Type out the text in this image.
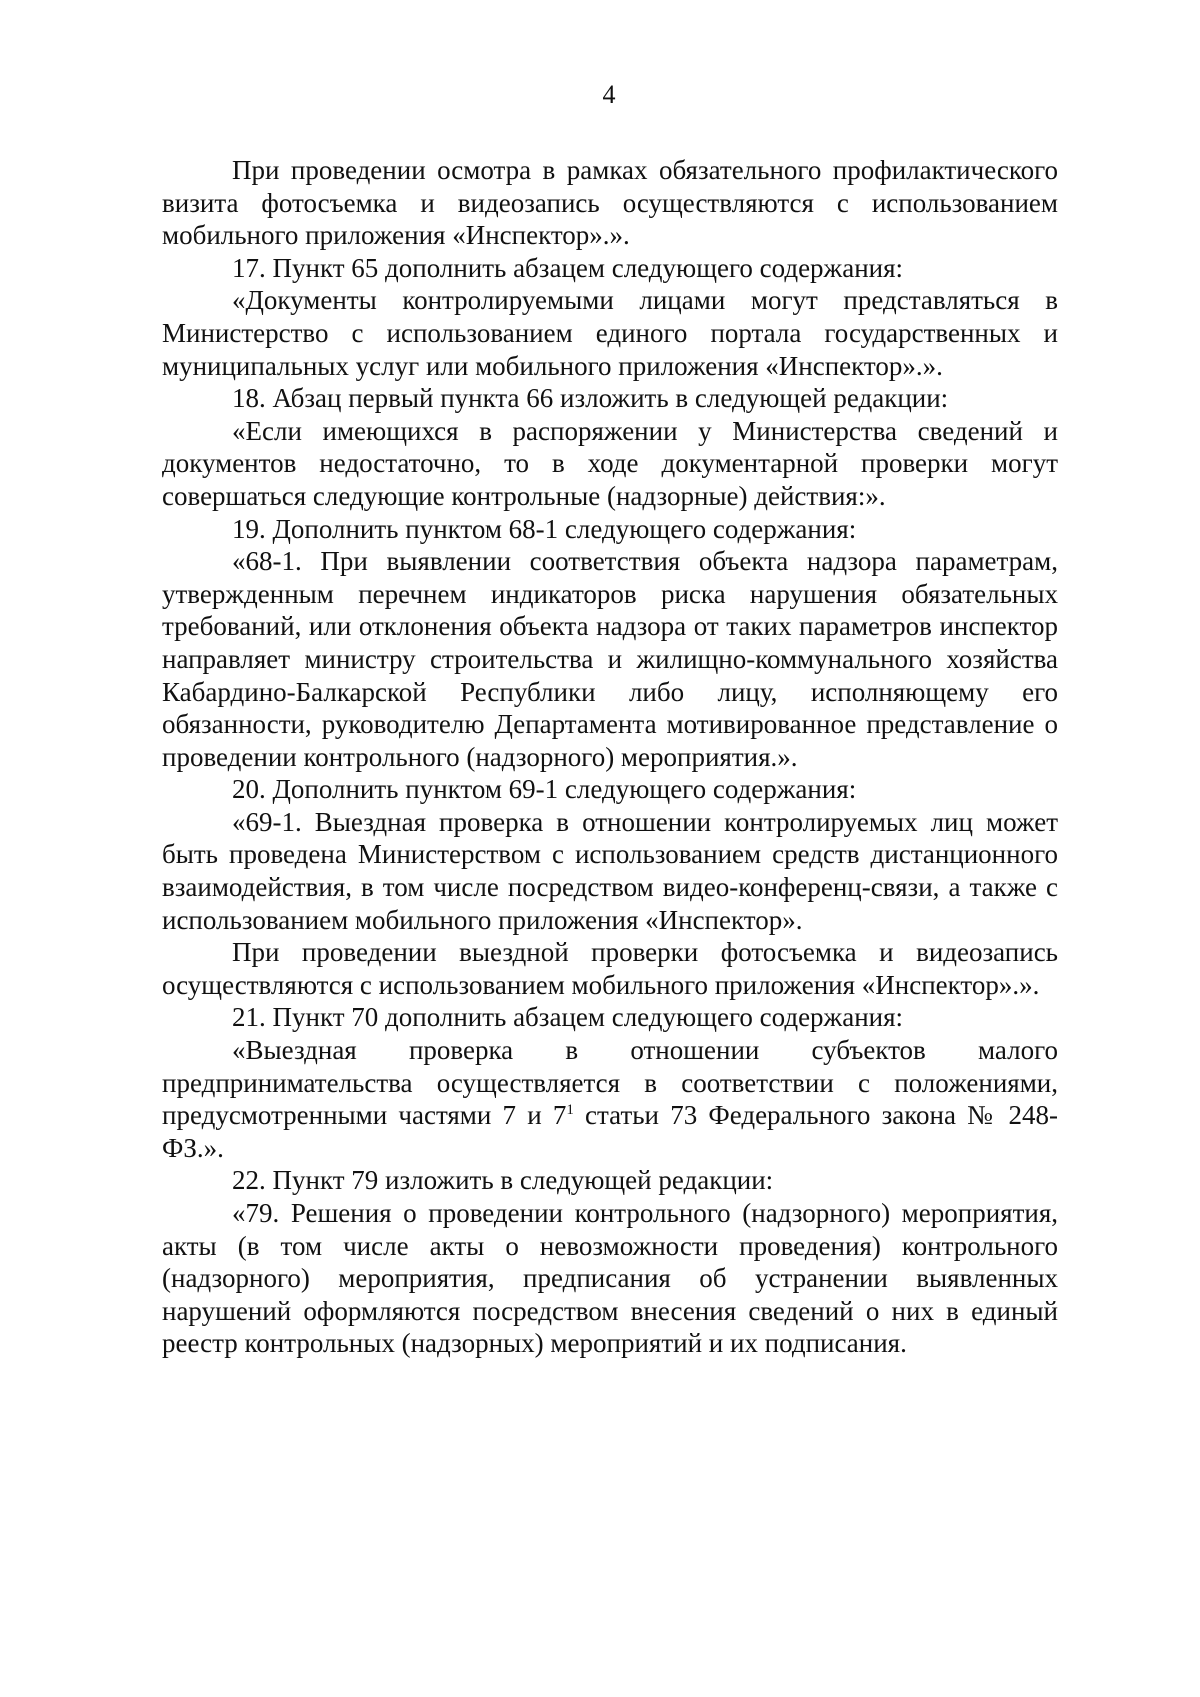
4

При проведении осмотра в рамках обязательного профилактического визита фотосъемка и видеозапись осуществляются с использованием мобильного приложения «Инспектор».».

17. Пункт 65 дополнить абзацем следующего содержания:

«Документы контролируемыми лицами могут представляться в Министерство с использованием единого портала государственных и муниципальных услуг или мобильного приложения «Инспектор».».

18. Абзац первый пункта 66 изложить в следующей редакции:

«Если имеющихся в распоряжении у Министерства сведений и документов недостаточно, то в ходе документарной проверки могут совершаться следующие контрольные (надзорные) действия:».

19. Дополнить пунктом 68-1 следующего содержания:

«68-1. При выявлении соответствия объекта надзора параметрам, утвержденным перечнем индикаторов риска нарушения обязательных требований, или отклонения объекта надзора от таких параметров инспектор направляет министру строительства и жилищно-коммунального хозяйства Кабардино-Балкарской Республики либо лицу, исполняющему его обязанности, руководителю Департамента мотивированное представление о проведении контрольного (надзорного) мероприятия.».

20. Дополнить пунктом 69-1 следующего содержания:

«69-1. Выездная проверка в отношении контролируемых лиц может быть проведена Министерством с использованием средств дистанционного взаимодействия, в том числе посредством видео-конференц-связи, а также с использованием мобильного приложения «Инспектор».

При проведении выездной проверки фотосъемка и видеозапись осуществляются с использованием мобильного приложения «Инспектор».».

21. Пункт 70 дополнить абзацем следующего содержания:

«Выездная проверка в отношении субъектов малого предпринимательства осуществляется в соответствии с положениями, предусмотренными частями 7 и $7^1$ статьи 73 Федерального закона № 248-ФЗ.».

22. Пункт 79 изложить в следующей редакции:

«79. Решения о проведении контрольного (надзорного) мероприятия, акты (в том числе акты о невозможности проведения) контрольного (надзорного) мероприятия, предписания об устранении выявленных нарушений оформляются посредством внесения сведений о них в единый реестр контрольных (надзорных) мероприятий и их подписания.
